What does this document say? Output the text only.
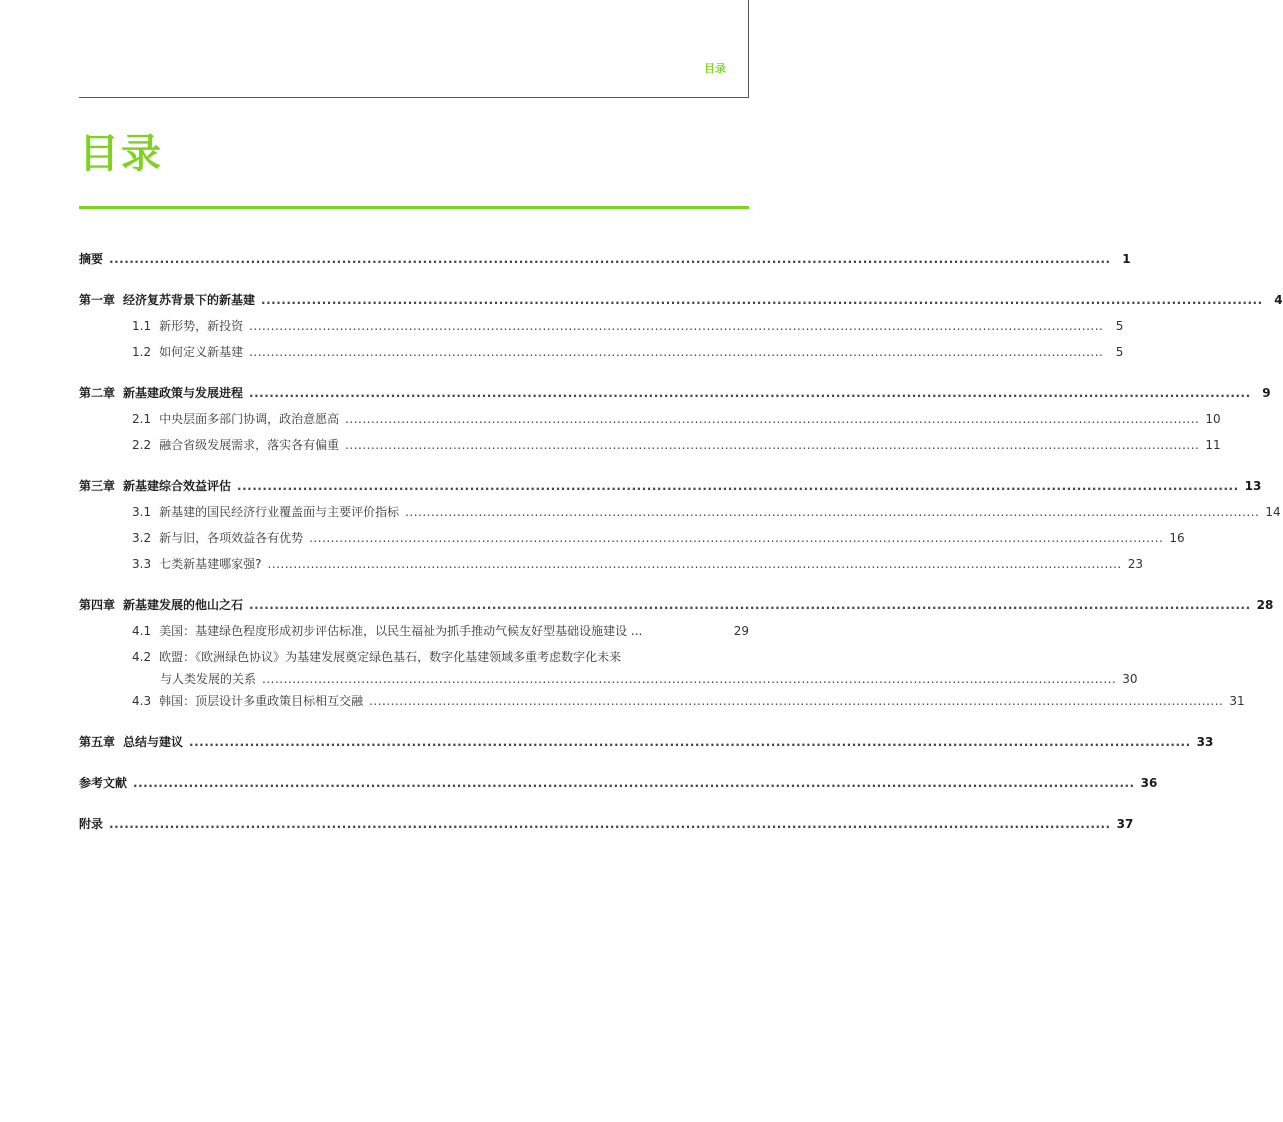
目录
目录
摘要 ...................................................................................................................................................................................................... 1
第一章 经济复苏背景下的新基建 ...................................................................................................................................................................................................... 4
1.1 新形势，新投资 ......................................................................................................................................................................................................	5
1.2 如何定义新基建 ......................................................................................................................................................................................................	5
第二章 新基建政策与发展进程 ...................................................................................................................................................................................................... 9
2.1 中央层面多部门协调，政治意愿高 ...................................................................................................................................................................................................... 10
2.2 融合省级发展需求，落实各有偏重 ...................................................................................................................................................................................................... 11
第三章 新基建综合效益评估 ...................................................................................................................................................................................................... 13
3.1 新基建的国民经济行业覆盖面与主要评价指标 ...................................................................................................................................................................................................... 14
3.2 新与旧，各项效益各有优势 ...................................................................................................................................................................................................... 16
3.3 七类新基建哪家强? ...................................................................................................................................................................................................... 23
第四章 新基建发展的他山之石 ...................................................................................................................................................................................................... 28
4.1 美国：基建绿色程度形成初步评估标准，以民生福祉为抓手推动气候友好型基础设施建设 ...	29
4.2 欧盟：《欧洲绿色协议》为基建发展奠定绿色基石，数字化基建领域多重考虑数字化未来
与人类发展的关系 ...................................................................................................................................................................................................... 30
4.3 韩国：顶层设计多重政策目标相互交融 ...................................................................................................................................................................................................... 31
第五章 总结与建议 ...................................................................................................................................................................................................... 33
参考文献 ...................................................................................................................................................................................................... 36
附录 ...................................................................................................................................................................................................... 37
